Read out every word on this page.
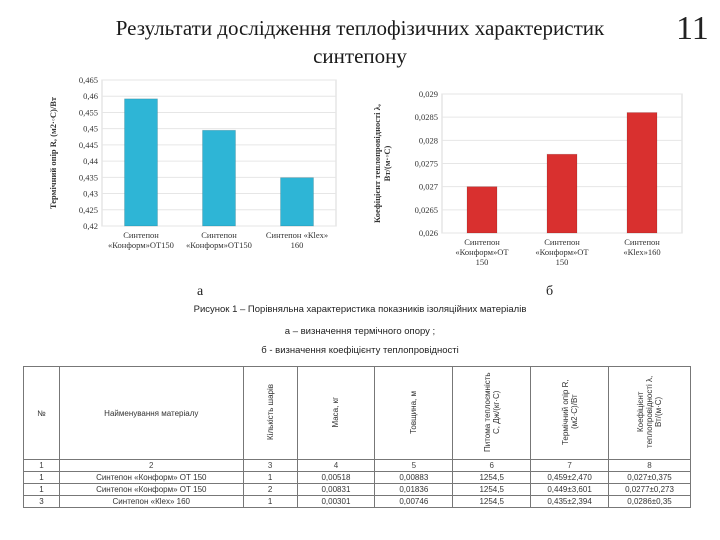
Результати дослідження теплофізичних характеристик
синтепону
11
0,465
0,46
0,455
0,45
0,445
0,44
0,435
0,43
0,425
0,42
Термічний опір R, (м2·◦С)/Вт
Синтепон «Конформ»ОТ150
Синтепон «Конформ»ОТ150
Синтепон «Кlex» 160
0,029
0,0285
0,028
0,0275
0,027
0,0265
0,026
Коефіцієнт теплопровідності λ,Вт/(м·◦С)
Синтепон «Конформ»ОТ 150
Синтепон «Конформ»ОТ 150
Синтепон «Кlex»160
а	б
Рисунок 1 – Порівняльна характеристика показників ізоляційних матеріалів
а – визначення термічного опору ;
б - визначення коефіцієнту теплопровідності
№	Найменування матеріалу	Кількість шарів	Маса, кг	Товщина, м	Питома теплоємність С, Дж/(кг·С)	Термічний опір R, (м2·С)/Вт	Коефіцієнт теплопровідності λ, Вт/(м·С)
1	2	3	4	5	6	7	8
1	Синтепон «Конформ» ОТ 150	1	0,00518	0,00883	1254,5	0,459±2,470	0,027±0,375
1	Синтепон «Конформ» ОТ 150	2	0,00831	0,01836	1254,5	0,449±3,601	0,0277±0,273
3	Синтепон «Кlex» 160	1	0,00301	0,00746	1254,5	0,435±2,394	0,0286±0,35
